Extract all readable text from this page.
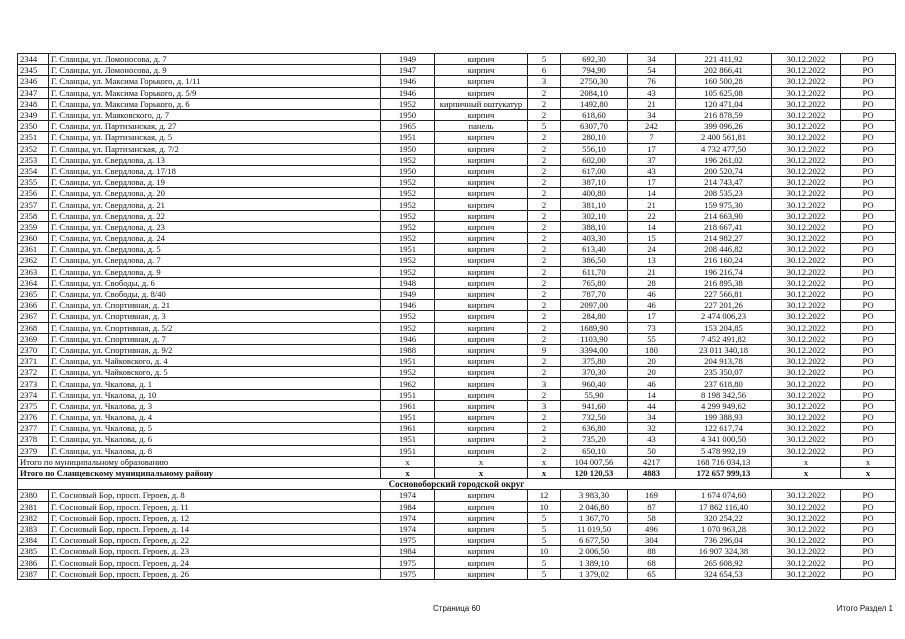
2344	Г. Сланцы, ул. Ломоносова, д. 7	1949	кирпич	5	692,30	34	221 411,92	30.12.2022	РО
2345	Г. Сланцы, ул. Ломоносова, д. 9	1947	кирпич	6	794,90	54	202 866,41	30.12.2022	РО
2346	Г. Сланцы, ул. Максима Горького, д. 1/11	1946	кирпич	3	2750,30	76	160 500,28	30.12.2022	РО
2347	Г. Сланцы, ул. Максима Горького, д. 5/9	1946	кирпич	2	2084,10	43	105 625,08	30.12.2022	РО
2348	Г. Сланцы, ул. Максима Горького, д. 6	1952	кирпичный оштукатур	2	1492,80	21	120 471,04	30.12.2022	РО
2349	Г. Сланцы, ул. Маяковского, д. 7	1950	кирпич	2	618,60	34	216 878,59	30.12.2022	РО
2350	Г. Сланцы, ул. Партизанская, д. 27	1965	панель	5	6307,70	242	399 096,26	30.12.2022	РО
2351	Г. Сланцы, ул. Партизанская, д. 5	1951	кирпич	2	280,10	7	2 400 561,81	30.12.2022	РО
2352	Г. Сланцы, ул. Партизанская, д. 7/2	1950	кирпич	2	556,10	17	4 732 477,50	30.12.2022	РО
2353	Г. Сланцы, ул. Свердлова, д. 13	1952	кирпич	2	602,00	37	196 261,02	30.12.2022	РО
2354	Г. Сланцы, ул. Свердлова, д. 17/18	1950	кирпич	2	617,00	43	200 520,74	30.12.2022	РО
2355	Г. Сланцы, ул. Свердлова, д. 19	1952	кирпич	2	387,10	17	214 743,47	30.12.2022	РО
2356	Г. Сланцы, ул. Свердлова, д. 20	1952	кирпич	2	400,80	14	208 535,23	30.12.2022	РО
2357	Г. Сланцы, ул. Свердлова, д. 21	1952	кирпич	2	381,10	21	159 975,30	30.12.2022	РО
2358	Г. Сланцы, ул. Свердлова, д. 22	1952	кирпич	2	302,10	22	214 663,90	30.12.2022	РО
2359	Г. Сланцы, ул. Свердлова, д. 23	1952	кирпич	2	388,10	14	218 667,41	30.12.2022	РО
2360	Г. Сланцы, ул. Свердлова, д. 24	1952	кирпич	2	403,30	15	214 982,27	30.12.2022	РО
2361	Г. Сланцы, ул. Свердлова, д. 5	1951	кирпич	2	613,40	24	208 446,82	30.12.2022	РО
2362	Г. Сланцы, ул. Свердлова, д. 7	1952	кирпич	2	386,50	13	216 160,24	30.12.2022	РО
2363	Г. Сланцы, ул. Свердлова, д. 9	1952	кирпич	2	611,70	21	196 216,74	30.12.2022	РО
2364	Г. Сланцы, ул. Свободы, д. 6	1948	кирпич	2	765,80	28	216 895,38	30.12.2022	РО
2365	Г. Сланцы, ул. Свободы, д. 8/40	1949	кирпич	2	787,70	46	227 566,81	30.12.2022	РО
2366	Г. Сланцы, ул. Спортивная, д. 21	1946	кирпич	2	2097,00	46	227 201,26	30.12.2022	РО
2367	Г. Сланцы, ул. Спортивная, д. 3	1952	кирпич	2	284,80	17	2 474 006,23	30.12.2022	РО
2368	Г. Сланцы, ул. Спортивная, д. 5/2	1952	кирпич	2	1689,90	73	153 204,85	30.12.2022	РО
2369	Г. Сланцы, ул. Спортивная, д. 7	1946	кирпич	2	1103,90	55	7 452 491,82	30.12.2022	РО
2370	Г. Сланцы, ул. Спортивная, д. 9/2	1988	кирпич	9	3394,00	180	23 011 340,18	30.12.2022	РО
2371	Г. Сланцы, ул. Чайковского, д. 4	1951	кирпич	2	375,80	20	204 913,78	30.12.2022	РО
2372	Г. Сланцы, ул. Чайковского, д. 5	1952	кирпич	2	370,30	20	235 350,07	30.12.2022	РО
2373	Г. Сланцы, ул. Чкалова, д. 1	1962	кирпич	3	960,40	46	237 618,80	30.12.2022	РО
2374	Г. Сланцы, ул. Чкалова, д. 10	1951	кирпич	2	55,90	14	8 198 342,56	30.12.2022	РО
2375	Г. Сланцы, ул. Чкалова, д. 3	1961	кирпич	3	941,60	44	4 299 949,62	30.12.2022	РО
2376	Г. Сланцы, ул. Чкалова, д. 4	1951	кирпич	2	732,50	34	199 388,93	30.12.2022	РО
2377	Г. Сланцы, ул. Чкалова, д. 5	1961	кирпич	2	636,80	32	122 617,74	30.12.2022	РО
2378	Г. Сланцы, ул. Чкалова, д. 6	1951	кирпич	2	735,20	43	4 341 000,50	30.12.2022	РО
2379	Г. Сланцы, ул. Чкалова, д. 8	1951	кирпич	2	650,10	50	5 478 992,19	30.12.2022	РО
Итого по муниципальному образованию		x	x	x	104 007,56	4217	168 716 034,13	x	x
Итого по Сланцевскому муниципальному району		x	x	x	120 120,53	4883	172 657 999,13	x	x
Сосновоборский городской округ									
2380	Г. Сосновый Бор, просп. Героев, д. 8	1974	кирпич	12	3 983,30	169	1 674 074,60	30.12.2022	РО
2381	Г. Сосновый Бор, просп. Героев, д. 11	1984	кирпич	10	2 046,80	87	17 862 116,40	30.12.2022	РО
2382	Г. Сосновый Бор, просп. Героев, д. 12	1974	кирпич	5	1 367,70	58	320 254,22	30.12.2022	РО
2383	Г. Сосновый Бор, просп. Героев, д. 14	1974	кирпич	5	11 019,50	496	1 070 963,28	30.12.2022	РО
2384	Г. Сосновый Бор, просп. Героев, д. 22	1975	кирпич	5	6 677,50	304	736 296,04	30.12.2022	РО
2385	Г. Сосновый Бор, просп. Героев, д. 23	1984	кирпич	10	2 006,50	88	16 907 324,38	30.12.2022	РО
2386	Г. Сосновый Бор, просп. Героев, д. 24	1975	кирпич	5	1 389,10	68	265 608,92	30.12.2022	РО
2387	Г. Сосновый Бор, просп. Героев, д. 26	1975	кирпич	5	1 379,02	65	324 654,53	30.12.2022	РО
Страница 60	Итого Раздел 1
